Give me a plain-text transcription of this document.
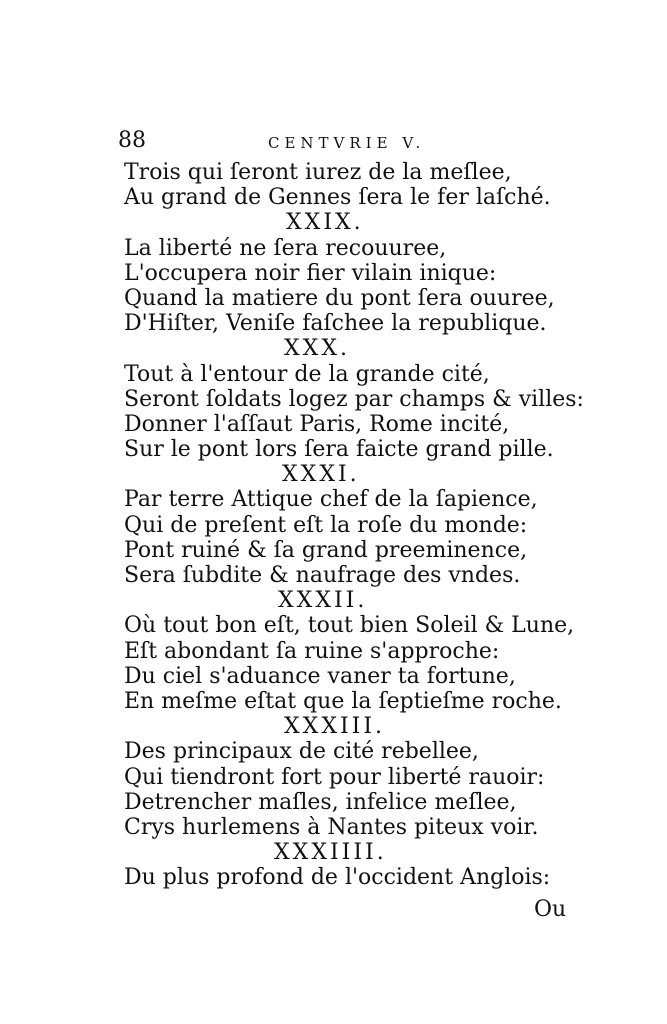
88	CENTVRIE V.
Trois qui ſeront iurez de la meſlee,
Au grand de Gennes ſera le fer laſché.
XXIX.
La liberté ne ſera recouuree,
L'occupera noir fier vilain inique:
Quand la matiere du pont ſera ouuree,
D'Hiſter, Veniſe faſchee la republique.
XXX.
Tout à l'entour de la grande cité,
Seront ſoldats logez par champs & villes:
Donner l'aſſaut Paris, Rome incité,
Sur le pont lors ſera faicte grand pille.
XXXI.
Par terre Attique chef de la ſapience,
Qui de preſent eſt la roſe du monde:
Pont ruiné & ſa grand preeminence,
Sera ſubdite & naufrage des vndes.
XXXII.
Où tout bon eſt, tout bien Soleil & Lune,
Eſt abondant ſa ruine s'approche:
Du ciel s'aduance vaner ta fortune,
En meſme eſtat que la ſeptieſme roche.
XXXIII.
Des principaux de cité rebellee,
Qui tiendront fort pour liberté rauoir:
Detrencher maſles, infelice meſlee,
Crys hurlemens à Nantes piteux voir.
XXXIIII.
Du plus profond de l'occident Anglois:
Ou
